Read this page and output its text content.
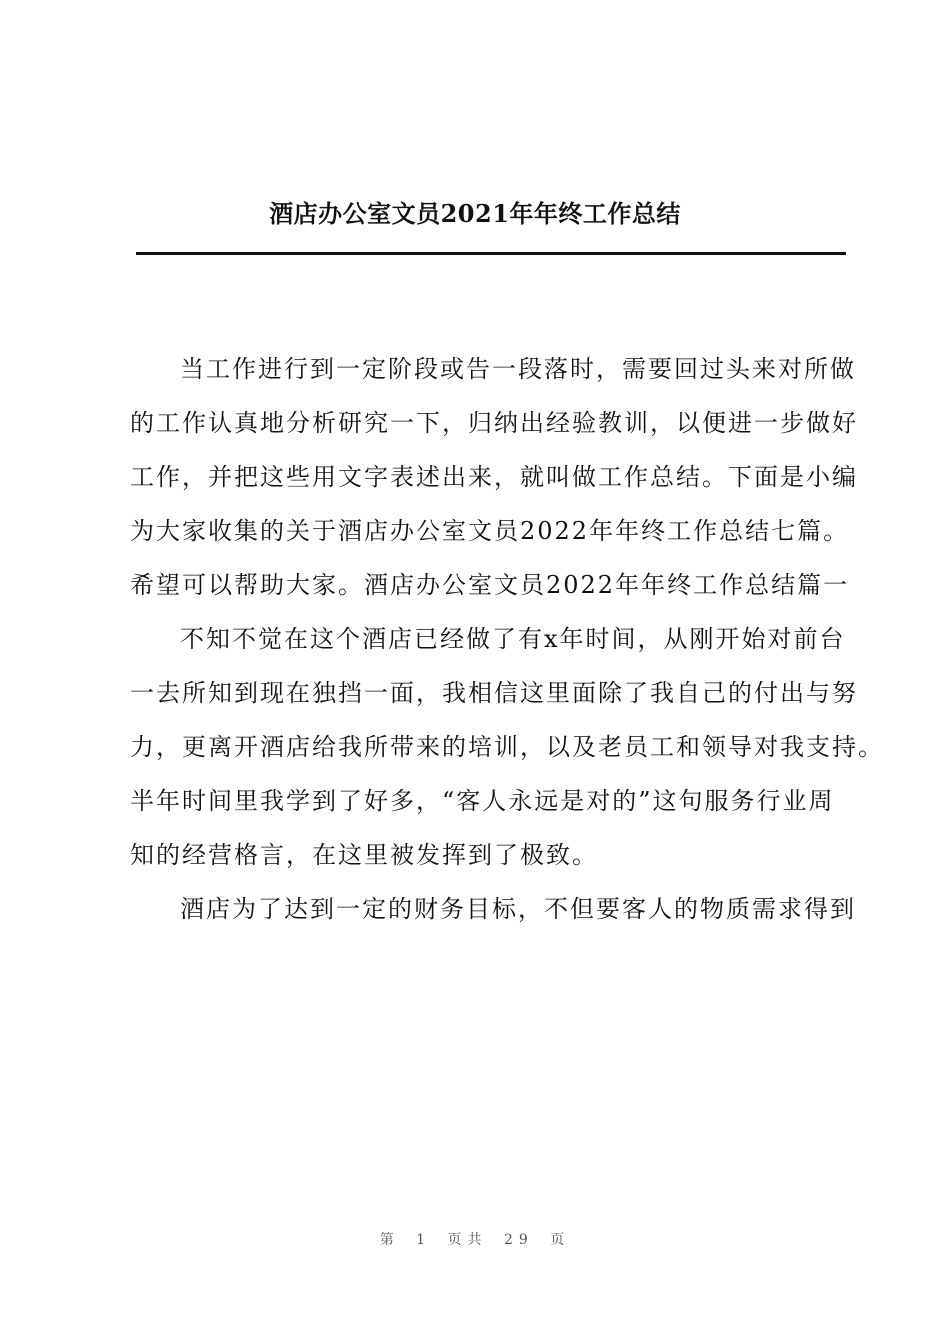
酒店办公室文员2021年年终工作总结

当工作进行到一定阶段或告一段落时，需要回过头来对所做
的工作认真地分析研究一下，归纳出经验教训，以便进一步做好
工作，并把这些用文字表述出来，就叫做工作总结。下面是小编
为大家收集的关于酒店办公室文员2022年年终工作总结七篇。
希望可以帮助大家。酒店办公室文员2022年年终工作总结篇一

不知不觉在这个酒店已经做了有x年时间，从刚开始对前台
一去所知到现在独挡一面，我相信这里面除了我自己的付出与努
力，更离开酒店给我所带来的培训，以及老员工和领导对我支持。
半年时间里我学到了好多，“客人永远是对的”这句服务行业周
知的经营格言，在这里被发挥到了极致。

酒店为了达到一定的财务目标，不但要客人的物质需求得到

第 1 页共 29 页
